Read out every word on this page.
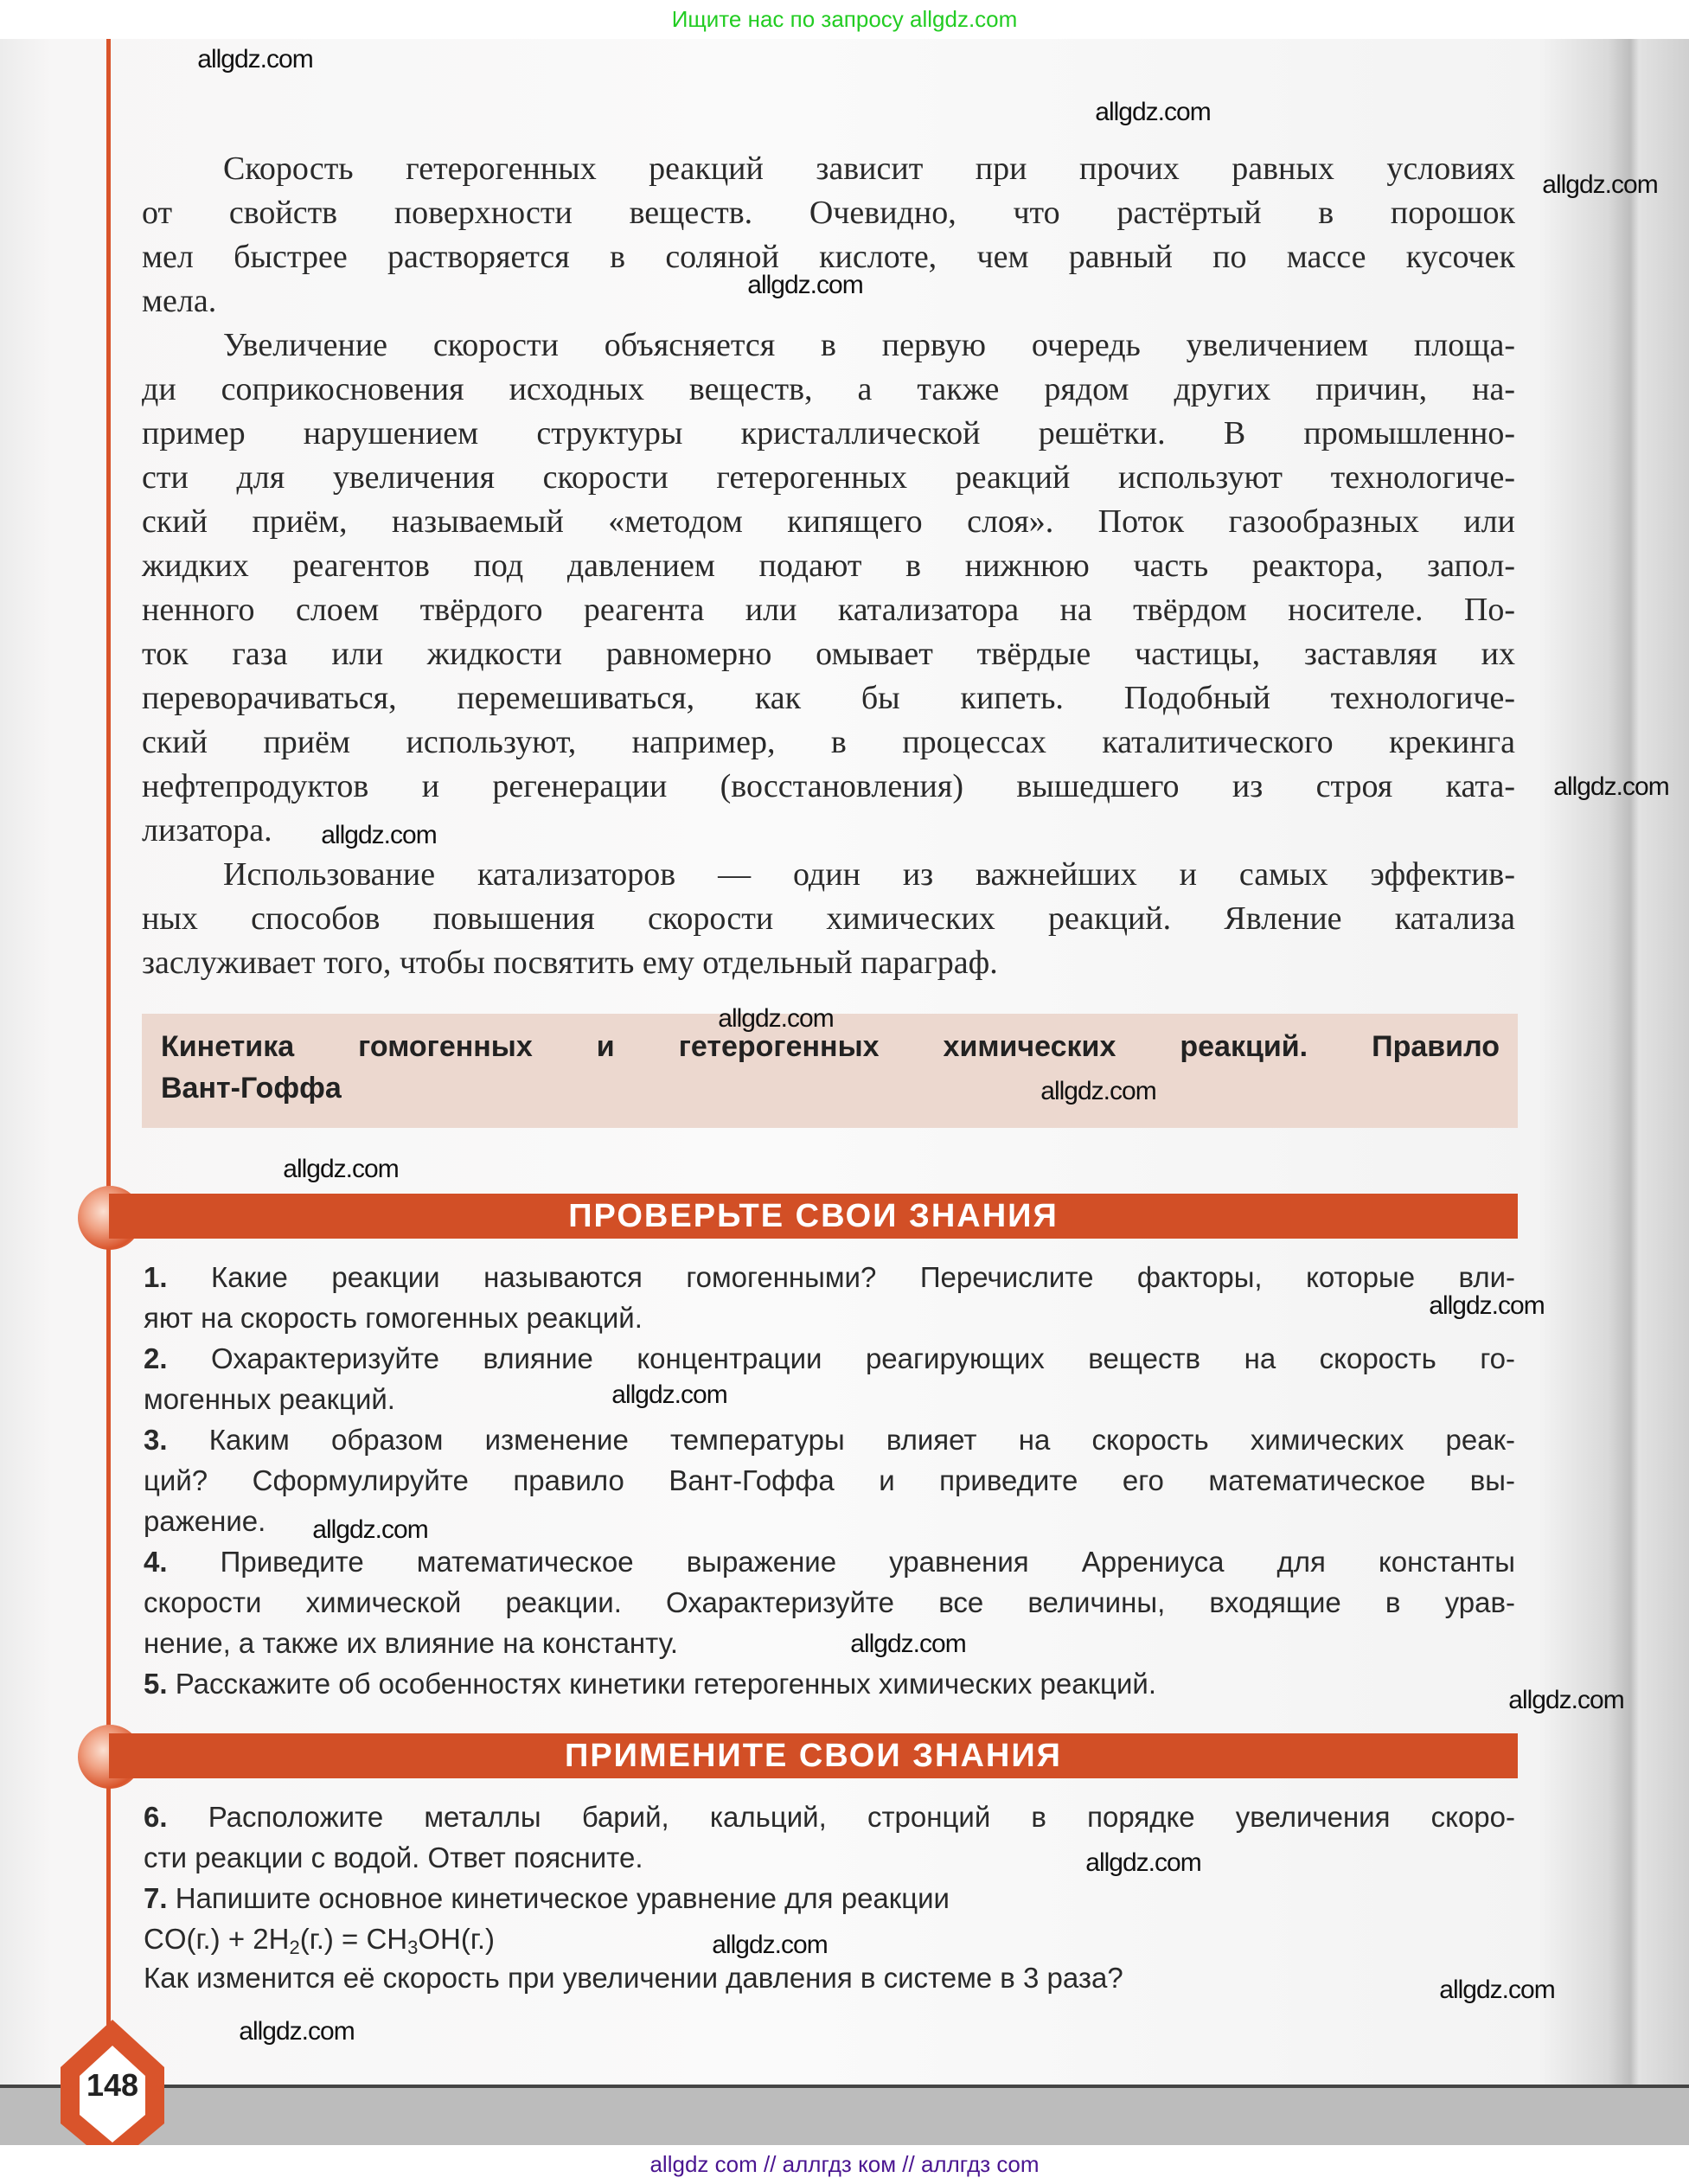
Ищите нас по запросу allgdz.com
Скорость гетерогенных реакций зависит при прочих равных условиях
от свойств поверхности веществ. Очевидно, что растёртый в порошок
мел быстрее растворяется в соляной кислоте, чем равный по массе кусочек
мела.
Увеличение скорости объясняется в первую очередь увеличением площа-
ди соприкосновения исходных веществ, а также рядом других причин, на-
пример нарушением структуры кристаллической решётки. В промышленно-
сти для увеличения скорости гетерогенных реакций используют технологиче-
ский приём, называемый «методом кипящего слоя». Поток газообразных или
жидких реагентов под давлением подают в нижнюю часть реактора, запол-
ненного слоем твёрдого реагента или катализатора на твёрдом носителе. По-
ток газа или жидкости равномерно омывает твёрдые частицы, заставляя их
переворачиваться, перемешиваться, как бы кипеть. Подобный технологиче-
ский приём используют, например, в процессах каталитического крекинга
нефтепродуктов и регенерации (восстановления) вышедшего из строя ката-
лизатора.
Использование катализаторов — один из важнейших и самых эффектив-
ных способов повышения скорости химических реакций. Явление катализа
заслуживает того, чтобы посвятить ему отдельный параграф.
Кинетика гомогенных и гетерогенных химических реакций. Правило
Вант-Гоффа
ПРОВЕРЬТЕ СВОИ ЗНАНИЯ
ПРИМЕНИТЕ СВОИ ЗНАНИЯ
1. Какие реакции называются гомогенными? Перечислите факторы, которые вли-
яют на скорость гомогенных реакций.
2. Охарактеризуйте влияние концентрации реагирующих веществ на скорость го-
могенных реакций.
3. Каким образом изменение температуры влияет на скорость химических реак-
ций? Сформулируйте правило Вант-Гоффа и приведите его математическое вы-
ражение.
4. Приведите математическое выражение уравнения Аррениуса для константы
скорости химической реакции. Охарактеризуйте все величины, входящие в урав-
нение, а также их влияние на константу.
5. Расскажите об особенностях кинетики гетерогенных химических реакций.
6. Расположите металлы барий, кальций, стронций в порядке увеличения скоро-
сти реакции с водой. Ответ поясните.
7. Напишите основное кинетическое уравнение для реакции
$CO(г.) + 2H_2(г.) = CH_3OH(г.)$
Как изменится её скорость при увеличении давления в системе в 3 раза?
148
allgdz.com
allgdz.com
allgdz.com
allgdz.com
allgdz.com
allgdz.com
allgdz.com
allgdz.com
allgdz.com
allgdz.com
allgdz.com
allgdz.com
allgdz.com
allgdz.com
allgdz.com
allgdz.com
allgdz.com
allgdz.com
allgdz com // аллгдз ком // аллгдз com
